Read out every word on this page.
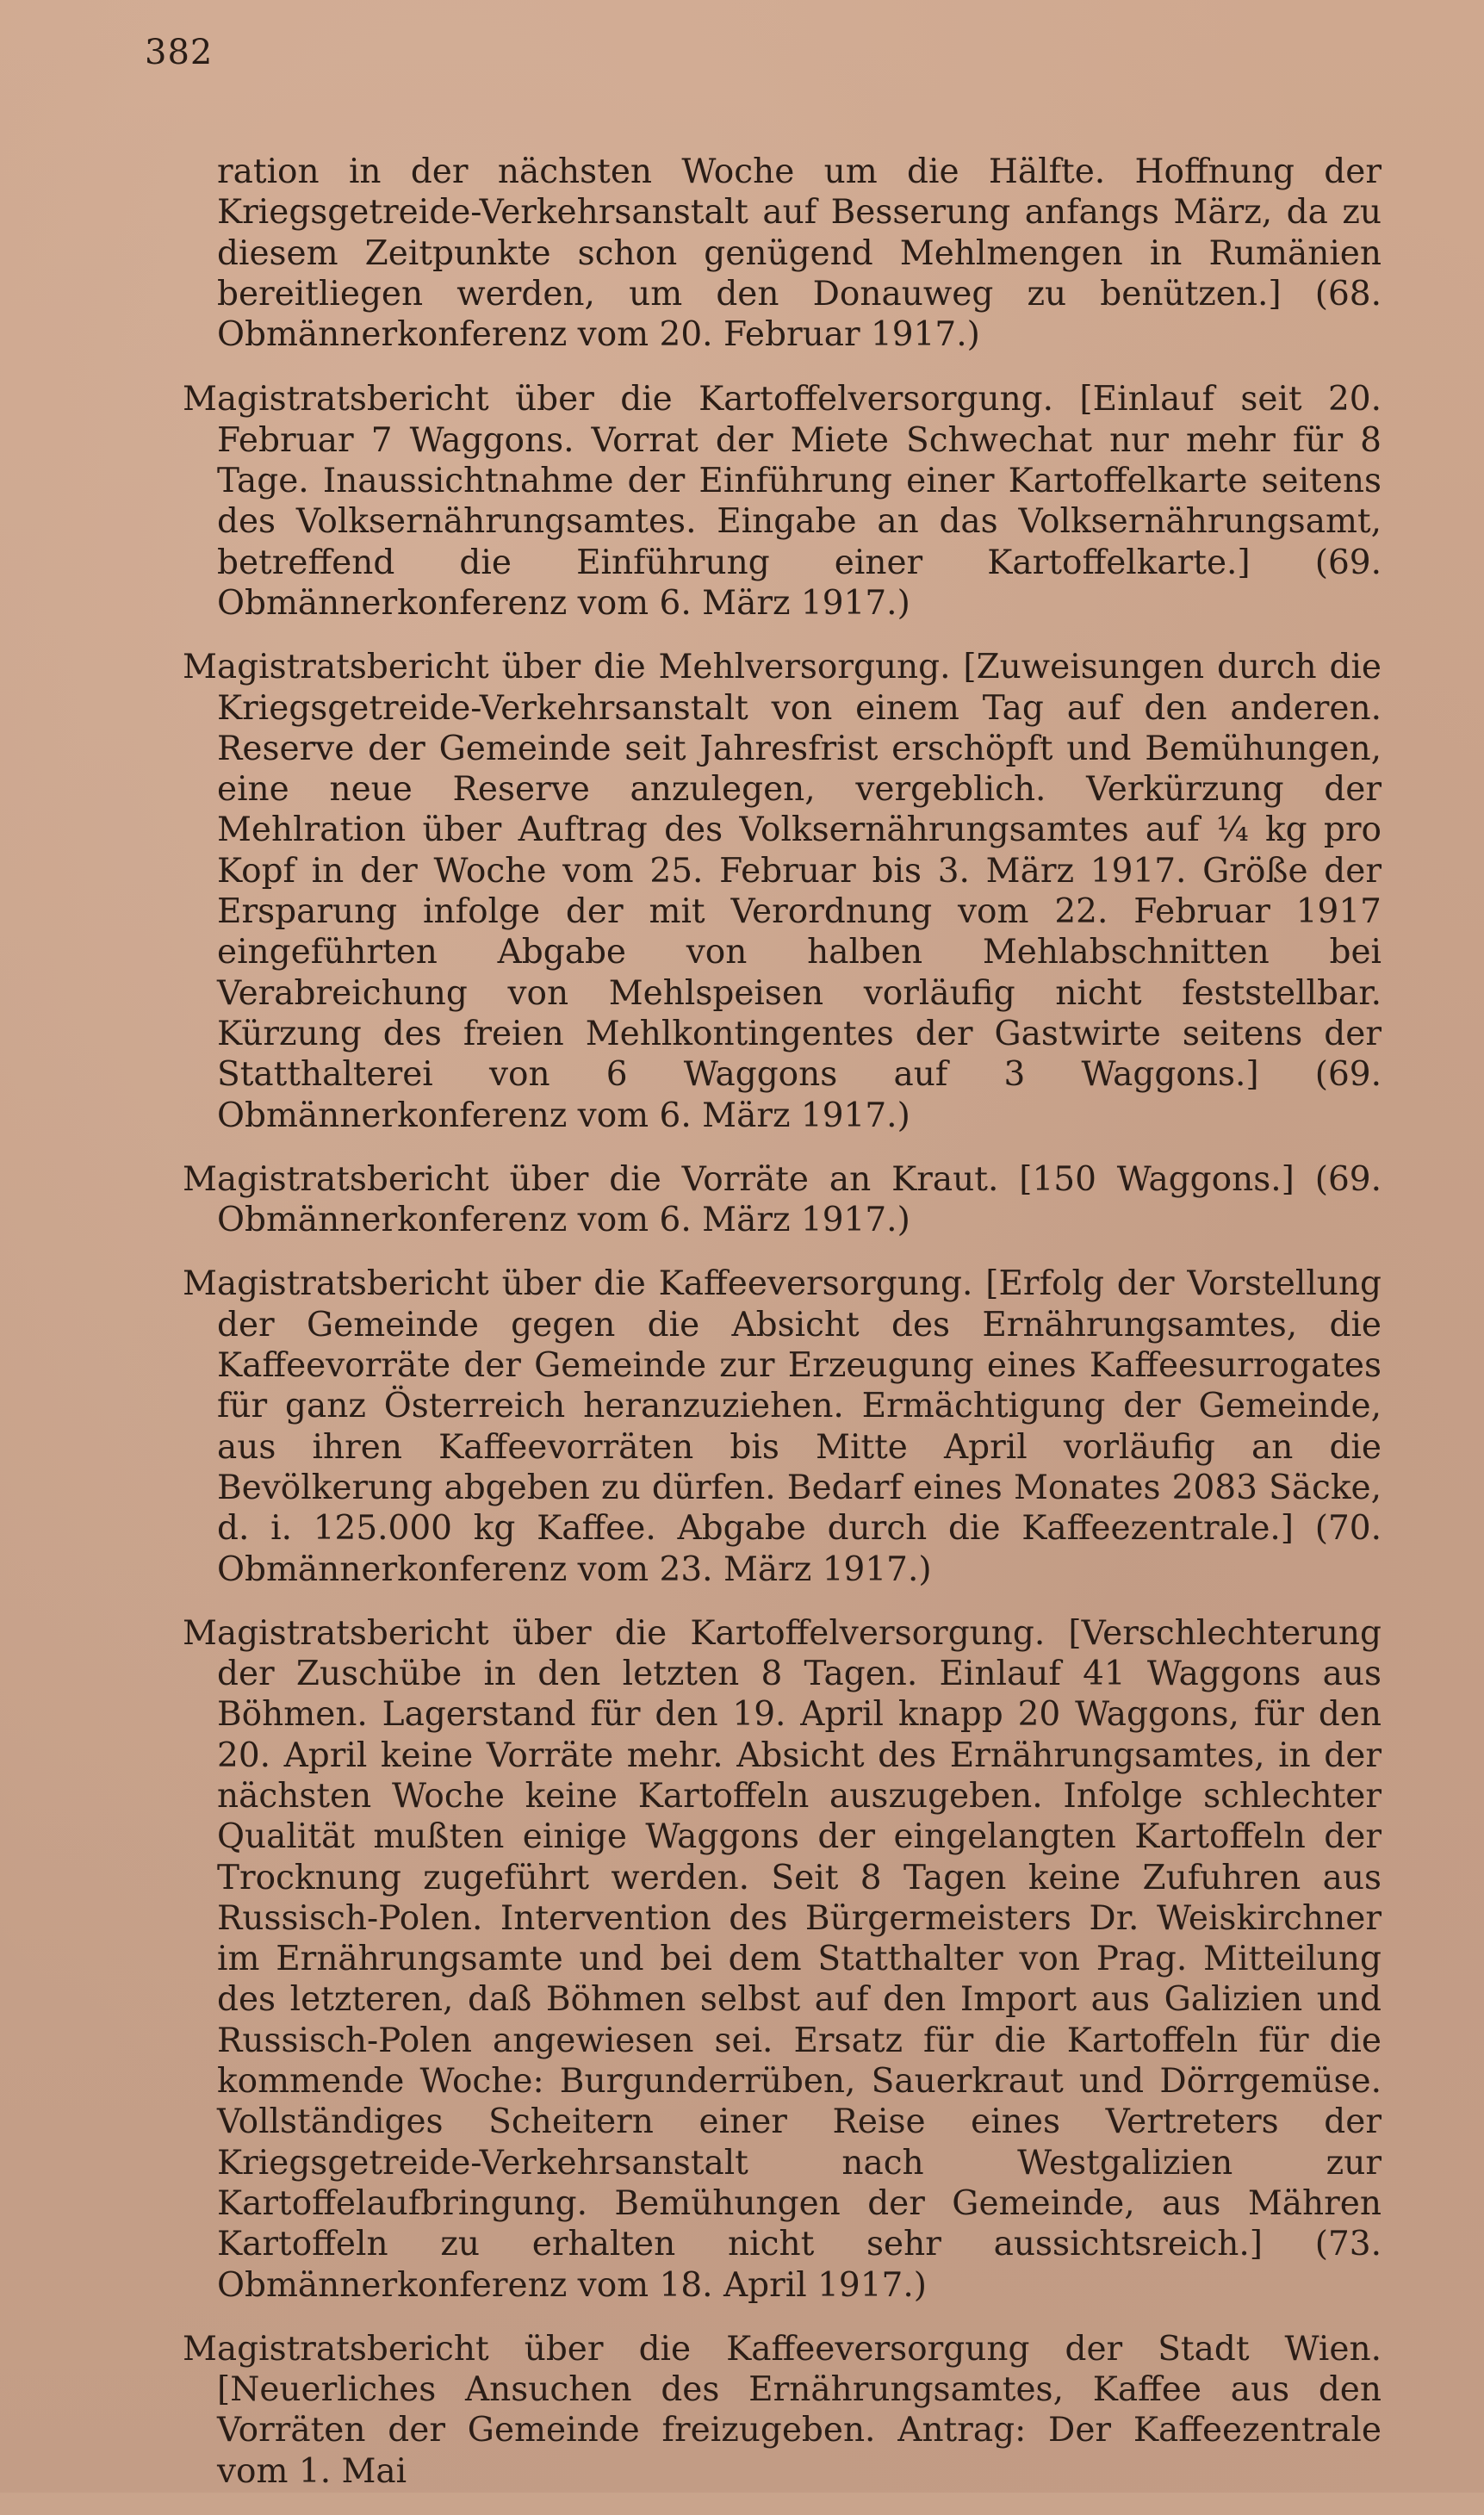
382

ration in der nächsten Woche um die Hälfte. Hoffnung der Kriegsgetreide-Verkehrsanstalt auf Besserung anfangs März, da zu diesem Zeitpunkte schon genügend Mehlmengen in Rumänien bereitliegen werden, um den Donauweg zu benützen.] (68. Obmännerkonferenz vom 20. Februar 1917.)

Magistratsbericht über die Kartoffelversorgung. [Einlauf seit 20. Februar 7 Waggons. Vorrat der Miete Schwechat nur mehr für 8 Tage. Inaussichtnahme der Einführung einer Kartoffelkarte seitens des Volksernährungsamtes. Eingabe an das Volksernährungsamt, betreffend die Einführung einer Kartoffelkarte.] (69. Obmännerkonferenz vom 6. März 1917.)

Magistratsbericht über die Mehlversorgung. [Zuweisungen durch die Kriegsgetreide-Verkehrsanstalt von einem Tag auf den anderen. Reserve der Gemeinde seit Jahresfrist erschöpft und Bemühungen, eine neue Reserve anzulegen, vergeblich. Verkürzung der Mehlration über Auftrag des Volksernährungsamtes auf ¼ kg pro Kopf in der Woche vom 25. Februar bis 3. März 1917. Größe der Ersparung infolge der mit Verordnung vom 22. Februar 1917 eingeführten Abgabe von halben Mehlabschnitten bei Verabreichung von Mehlspeisen vorläufig nicht feststellbar. Kürzung des freien Mehlkontingentes der Gastwirte seitens der Statthalterei von 6 Waggons auf 3 Waggons.] (69. Obmännerkonferenz vom 6. März 1917.)

Magistratsbericht über die Vorräte an Kraut. [150 Waggons.] (69. Obmännerkonferenz vom 6. März 1917.)

Magistratsbericht über die Kaffeeversorgung. [Erfolg der Vorstellung der Gemeinde gegen die Absicht des Ernährungsamtes, die Kaffeevorräte der Gemeinde zur Erzeugung eines Kaffeesurrogates für ganz Österreich heranzuziehen. Ermächtigung der Gemeinde, aus ihren Kaffeevorräten bis Mitte April vorläufig an die Bevölkerung abgeben zu dürfen. Bedarf eines Monates 2083 Säcke, d. i. 125.000 kg Kaffee. Abgabe durch die Kaffeezentrale.] (70. Obmännerkonferenz vom 23. März 1917.)

Magistratsbericht über die Kartoffelversorgung. [Verschlechterung der Zuschübe in den letzten 8 Tagen. Einlauf 41 Waggons aus Böhmen. Lagerstand für den 19. April knapp 20 Waggons, für den 20. April keine Vorräte mehr. Absicht des Ernährungsamtes, in der nächsten Woche keine Kartoffeln auszugeben. Infolge schlechter Qualität mußten einige Waggons der eingelangten Kartoffeln der Trocknung zugeführt werden. Seit 8 Tagen keine Zufuhren aus Russisch-Polen. Intervention des Bürgermeisters Dr. Weiskirchner im Ernährungsamte und bei dem Statthalter von Prag. Mitteilung des letzteren, daß Böhmen selbst auf den Import aus Galizien und Russisch-Polen angewiesen sei. Ersatz für die Kartoffeln für die kommende Woche: Burgunderrüben, Sauerkraut und Dörrgemüse. Vollständiges Scheitern einer Reise eines Vertreters der Kriegsgetreide-Verkehrsanstalt nach Westgalizien zur Kartoffelaufbringung. Bemühungen der Gemeinde, aus Mähren Kartoffeln zu erhalten nicht sehr aussichtsreich.] (73. Obmännerkonferenz vom 18. April 1917.)

Magistratsbericht über die Kaffeeversorgung der Stadt Wien. [Neuerliches Ansuchen des Ernährungsamtes, Kaffee aus den Vorräten der Gemeinde freizugeben. Antrag: Der Kaffeezentrale vom 1. Mai
